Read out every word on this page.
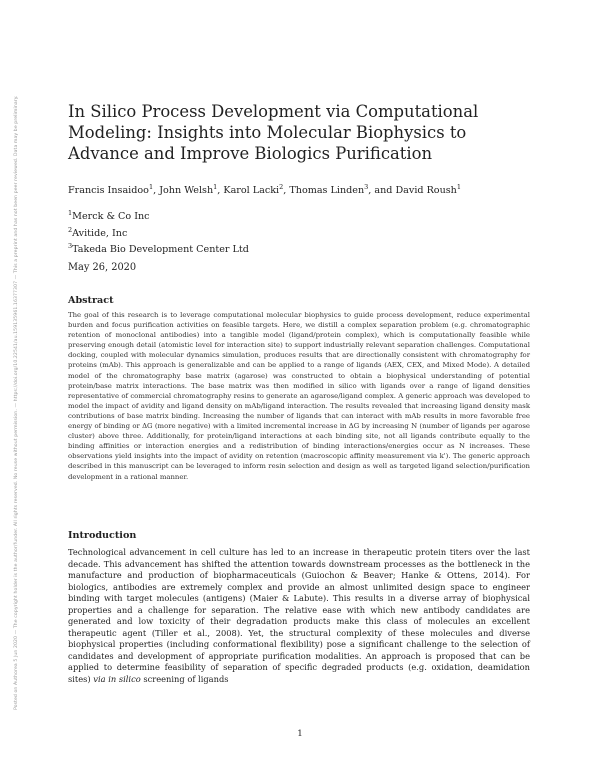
Posted on Authorea 5 Jun 2020 — The copyright holder is the author/funder. All rights reserved. No reuse without permission. — https://doi.org/10.22541/au.159135961.16377307 — This a preprint and has not been peer reviewed. Data may be preliminary.	In Silico Process Development via Computational Modeling: Insights into Molecular Biophysics to Advance and Improve Biologics Purification
Francis Insaidoo$^1$, John Welsh$^1$, Karol Lacki$^2$, Thomas Linden$^3$, and David Roush$^1$
$^1$Merck & Co Inc
$^2$Avitide, Inc
$^3$Takeda Bio Development Center Ltd
May 26, 2020
Abstract

The goal of this research is to leverage computational molecular biophysics to guide process development, reduce experimental burden and focus purification activities on feasible targets. Here, we distill a complex separation problem (e.g. chromatographic retention of monoclonal antibodies) into a tangible model (ligand/protein complex), which is computationally feasible while preserving enough detail (atomistic level for interaction site) to support industrially relevant separation challenges. Computational docking, coupled with molecular dynamics simulation, produces results that are directionally consistent with chromatography for proteins (mAb). This approach is generalizable and can be applied to a range of ligands (AEX, CEX, and Mixed Mode). A detailed model of the chromatography base matrix (agarose) was constructed to obtain a biophysical understanding of potential protein/base matrix interactions. The base matrix was then modified in silico with ligands over a range of ligand densities representative of commercial chromatography resins to generate an agarose/ligand complex. A generic approach was developed to model the impact of avidity and ligand density on mAb/ligand interaction. The results revealed that increasing ligand density mask contributions of base matrix binding. Increasing the number of ligands that can interact with mAb results in more favorable free energy of binding or ΔG (more negative) with a limited incremental increase in ΔG by increasing N (number of ligands per agarose cluster) above three. Additionally, for protein/ligand interactions at each binding site, not all ligands contribute equally to the binding affinities or interaction energies and a redistribution of binding interactions/energies occur as N increases. These observations yield insights into the impact of avidity on retention (macroscopic affinity measurement via k'). The generic approach described in this manuscript can be leveraged to inform resin selection and design as well as targeted ligand selection/purification development in a rational manner.

Introduction

Technological advancement in cell culture has led to an increase in therapeutic protein titers over the last decade. This advancement has shifted the attention towards downstream processes as the bottleneck in the manufacture and production of biopharmaceuticals (Guiochon & Beaver; Hanke & Ottens, 2014). For biologics, antibodies are extremely complex and provide an almost unlimited design space to engineer binding with target molecules (antigens) (Maier & Labute). This results in a diverse array of biophysical properties and a challenge for separation. The relative ease with which new antibody candidates are generated and low toxicity of their degradation products make this class of molecules an excellent therapeutic agent (Tiller et al., 2008). Yet, the structural complexity of these molecules and diverse biophysical properties (including conformational flexibility) pose a significant challenge to the selection of candidates and development of appropriate purification modalities. An approach is proposed that can be applied to determine feasibility of separation of specific degraded products (e.g. oxidation, deamidation sites) via in silico screening of ligands

1
